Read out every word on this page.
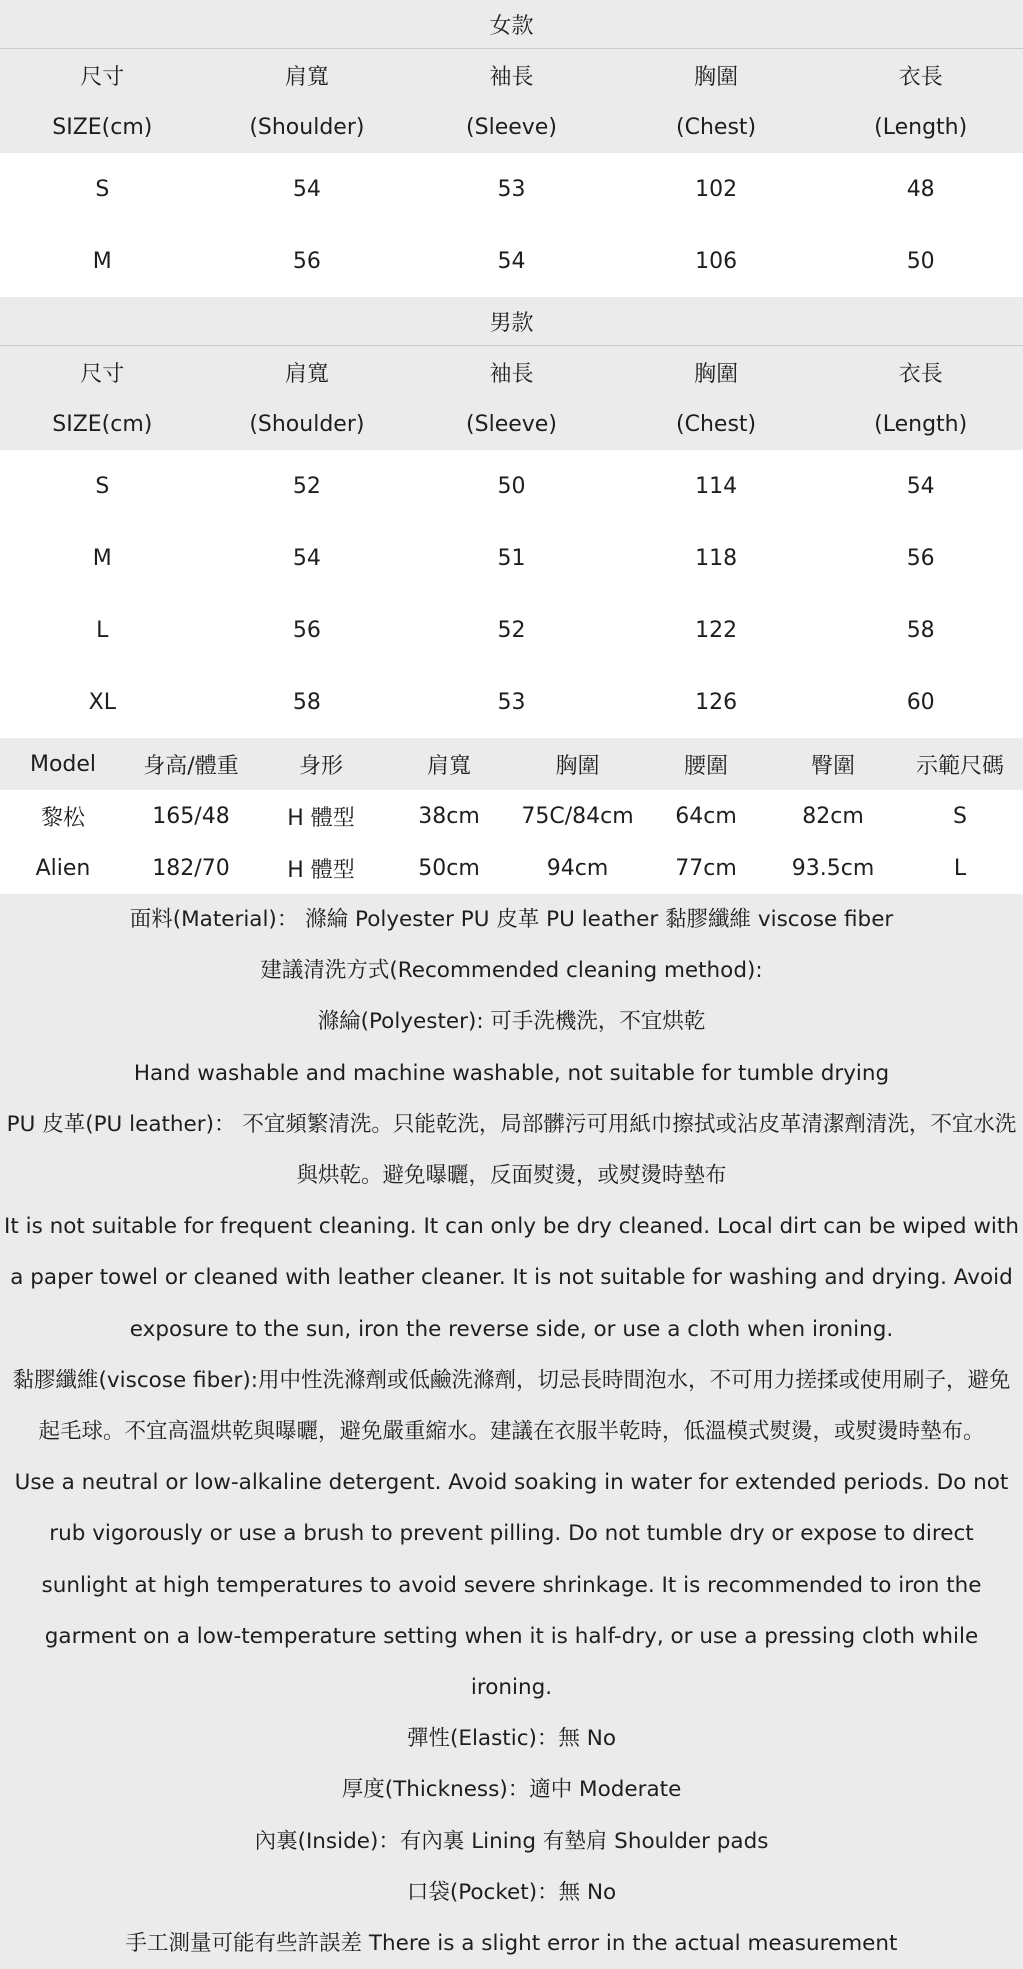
女款
尺寸	肩寬	袖長	胸圍	衣長
SIZE(cm)	(Shoulder)	(Sleeve)	(Chest)	(Length)
S	54	53	102	48
M	56	54	106	50
男款
尺寸	肩寬	袖長	胸圍	衣長
SIZE(cm)	(Shoulder)	(Sleeve)	(Chest)	(Length)
S	52	50	114	54
M	54	51	118	56
L	56	52	122	58
XL	58	53	126	60
Model	身高/體重	身形	肩寬	胸圍	腰圍	臀圍	示範尺碼
黎松	165/48	H 體型	38cm	75C/84cm	64cm	82cm	S
Alien	182/70	H 體型	50cm	94cm	77cm	93.5cm	L
面料(Material)： 滌綸 Polyester PU 皮革 PU leather 黏膠纖維 viscose fiber
建議清洗方式(Recommended cleaning method):
滌綸(Polyester): 可手洗機洗，不宜烘乾
Hand washable and machine washable, not suitable for tumble drying
PU 皮革(PU leather)： 不宜頻繁清洗。只能乾洗，局部髒污可用紙巾擦拭或沾皮革清潔劑清洗，不宜水洗與烘乾。避免曝曬，反面熨燙，或熨燙時墊布
It is not suitable for frequent cleaning. It can only be dry cleaned. Local dirt can be wiped with a paper towel or cleaned with leather cleaner. It is not suitable for washing and drying. Avoid exposure to the sun, iron the reverse side, or use a cloth when ironing.
黏膠纖維(viscose fiber):用中性洗滌劑或低鹼洗滌劑，切忌長時間泡水，不可用力搓揉或使用刷子，避免起毛球。不宜高溫烘乾與曝曬，避免嚴重縮水。建議在衣服半乾時，低溫模式熨燙，或熨燙時墊布。
Use a neutral or low-alkaline detergent. Avoid soaking in water for extended periods. Do not rub vigorously or use a brush to prevent pilling. Do not tumble dry or expose to direct sunlight at high temperatures to avoid severe shrinkage. It is recommended to iron the garment on a low-temperature setting when it is half-dry, or use a pressing cloth while ironing.
彈性(Elastic)：無 No
厚度(Thickness)：適中 Moderate
內裏(Inside)：有內裏 Lining 有墊肩 Shoulder pads
口袋(Pocket)：無 No
手工測量可能有些許誤差 There is a slight error in the actual measurement
